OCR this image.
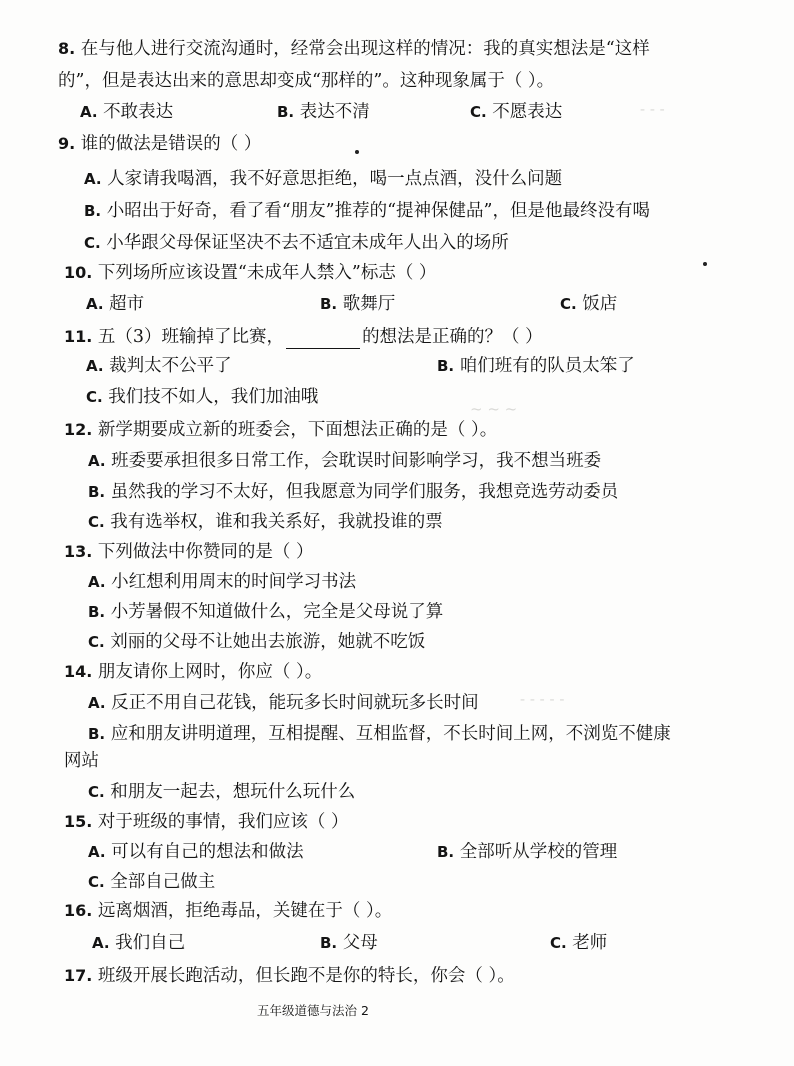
- - -
~ ~ ~
- - - - -
8. 在与他人进行交流沟通时，经常会出现这样的情况：我的真实想法是“这样
的”，但是表达出来的意思却变成“那样的”。这种现象属于（ ）。
A. 不敢表达	B. 表达不清	C. 不愿表达
9. 谁的做法是错误的（ ）
A. 人家请我喝酒，我不好意思拒绝，喝一点点酒，没什么问题
B. 小昭出于好奇，看了看“朋友”推荐的“提神保健品”，但是他最终没有喝
C. 小华跟父母保证坚决不去不适宜未成年人出入的场所
10. 下列场所应该设置“未成年人禁入”标志（ ）
A. 超市	B. 歌舞厅	C. 饭店
11. 五（3）班输掉了比赛，	的想法是正确的？（ ）
A. 裁判太不公平了	B. 咱们班有的队员太笨了
C. 我们技不如人，我们加油哦
12. 新学期要成立新的班委会，下面想法正确的是（ ）。
A. 班委要承担很多日常工作，会耽误时间影响学习，我不想当班委
B. 虽然我的学习不太好，但我愿意为同学们服务，我想竞选劳动委员
C. 我有选举权，谁和我关系好，我就投谁的票
13. 下列做法中你赞同的是（ ）
A. 小红想利用周末的时间学习书法
B. 小芳暑假不知道做什么，完全是父母说了算
C. 刘丽的父母不让她出去旅游，她就不吃饭
14. 朋友请你上网时，你应（ ）。
A. 反正不用自己花钱，能玩多长时间就玩多长时间
B. 应和朋友讲明道理，互相提醒、互相监督，不长时间上网，不浏览不健康
网站
C. 和朋友一起去，想玩什么玩什么
15. 对于班级的事情，我们应该（ ）
A. 可以有自己的想法和做法	B. 全部听从学校的管理
C. 全部自己做主
16. 远离烟酒，拒绝毒品，关键在于（ ）。
A. 我们自己	B. 父母	C. 老师
17. 班级开展长跑活动，但长跑不是你的特长，你会（ ）。
五年级道德与法治 2
